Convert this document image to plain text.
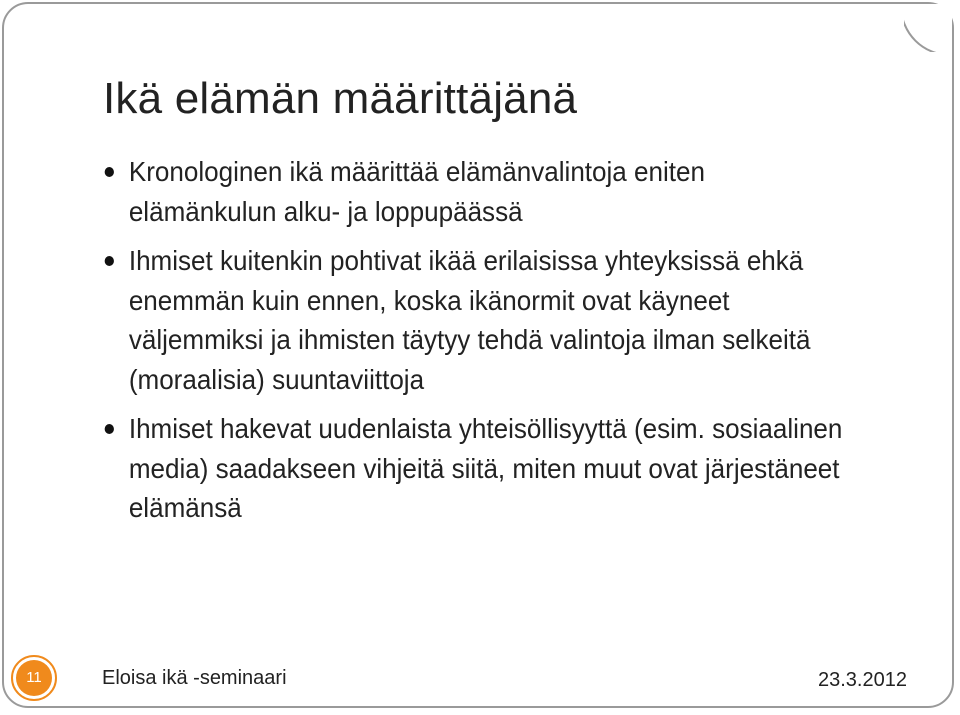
Ikä elämän määrittäjänä
Kronologinen ikä määrittää elämänvalintoja eniten elämänkulun alku- ja loppupäässä
Ihmiset kuitenkin pohtivat ikää erilaisissa yhteyksissä ehkä enemmän kuin ennen, koska ikänormit ovat käyneet väljemmiksi ja ihmisten täytyy tehdä valintoja ilman selkeitä (moraalisia) suuntaviittoja
Ihmiset hakevat uudenlaista yhteisöllisyyttä (esim. sosiaalinen media) saadakseen vihjeitä siitä, miten muut ovat järjestäneet elämänsä
11	Eloisa ikä -seminaari	23.3.2012
